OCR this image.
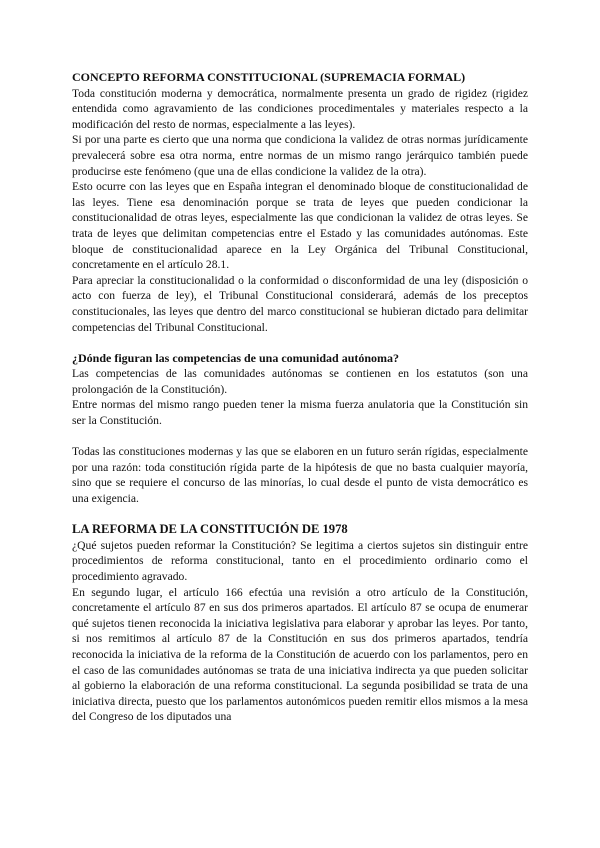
CONCEPTO REFORMA CONSTITUCIONAL (SUPREMACIA FORMAL)

Toda constitución moderna y democrática, normalmente presenta un grado de rigidez (rigidez entendida como agravamiento de las condiciones procedimentales y materiales respecto a la modificación del resto de normas, especialmente a las leyes).

Si por una parte es cierto que una norma que condiciona la validez de otras normas jurídicamente prevalecerá sobre esa otra norma, entre normas de un mismo rango jerárquico también puede producirse este fenómeno (que una de ellas condicione la validez de la otra).

Esto ocurre con las leyes que en España integran el denominado bloque de constitucionalidad de las leyes. Tiene esa denominación porque se trata de leyes que pueden condicionar la constitucionalidad de otras leyes, especialmente las que condicionan la validez de otras leyes. Se trata de leyes que delimitan competencias entre el Estado y las comunidades autónomas. Este bloque de constitucionalidad aparece en la Ley Orgánica del Tribunal Constitucional, concretamente en el artículo 28.1.

Para apreciar la constitucionalidad o la conformidad o disconformidad de una ley (disposición o acto con fuerza de ley), el Tribunal Constitucional considerará, además de los preceptos constitucionales, las leyes que dentro del marco constitucional se hubieran dictado para delimitar competencias del Tribunal Constitucional.

¿Dónde figuran las competencias de una comunidad autónoma?

Las competencias de las comunidades autónomas se contienen en los estatutos (son una prolongación de la Constitución).

Entre normas del mismo rango pueden tener la misma fuerza anulatoria que la Constitución sin ser la Constitución.

Todas las constituciones modernas y las que se elaboren en un futuro serán rígidas, especialmente por una razón: toda constitución rígida parte de la hipótesis de que no basta cualquier mayoría, sino que se requiere el concurso de las minorías, lo cual desde el punto de vista democrático es una exigencia.

LA REFORMA DE LA CONSTITUCIÓN DE 1978

¿Qué sujetos pueden reformar la Constitución? Se legitima a ciertos sujetos sin distinguir entre procedimientos de reforma constitucional, tanto en el procedimiento ordinario como el procedimiento agravado.

En segundo lugar, el artículo 166 efectúa una revisión a otro artículo de la Constitución, concretamente el artículo 87 en sus dos primeros apartados. El artículo 87 se ocupa de enumerar qué sujetos tienen reconocida la iniciativa legislativa para elaborar y aprobar las leyes. Por tanto, si nos remitimos al artículo 87 de la Constitución en sus dos primeros apartados, tendría reconocida la iniciativa de la reforma de la Constitución de acuerdo con los parlamentos, pero en el caso de las comunidades autónomas se trata de una iniciativa indirecta ya que pueden solicitar al gobierno la elaboración de una reforma constitucional. La segunda posibilidad se trata de una iniciativa directa, puesto que los parlamentos autonómicos pueden remitir ellos mismos a la mesa del Congreso de los diputados una
